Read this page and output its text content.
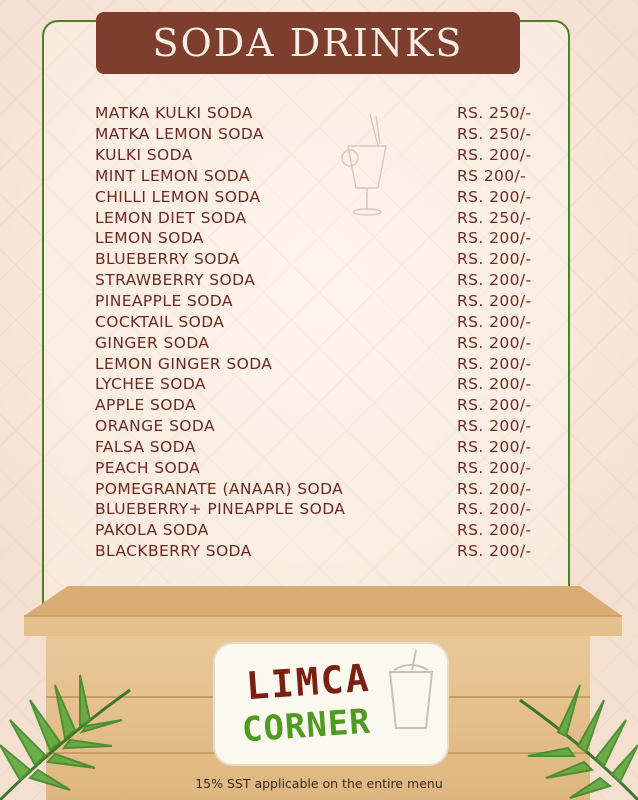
SODA DRINKS
MATKA KULKI SODA	RS. 250/-
MATKA LEMON SODA	RS. 250/-
KULKI SODA	RS. 200/-
MINT LEMON SODA	RS 200/-
CHILLI LEMON SODA	RS. 200/-
LEMON DIET SODA	RS. 250/-
LEMON SODA	RS. 200/-
BLUEBERRY SODA	RS. 200/-
STRAWBERRY SODA	RS. 200/-
PINEAPPLE SODA	RS. 200/-
COCKTAIL SODA	RS. 200/-
GINGER SODA	RS. 200/-
LEMON GINGER SODA	RS. 200/-
LYCHEE SODA	RS. 200/-
APPLE SODA	RS. 200/-
ORANGE SODA	RS. 200/-
FALSA SODA	RS. 200/-
PEACH SODA	RS. 200/-
POMEGRANATE (ANAAR) SODA	RS. 200/-
BLUEBERRY+ PINEAPPLE SODA	RS. 200/-
PAKOLA SODA	RS. 200/-
BLACKBERRY SODA	RS. 200/-
LIMCA
CORNER
15% SST applicable on the entire menu
